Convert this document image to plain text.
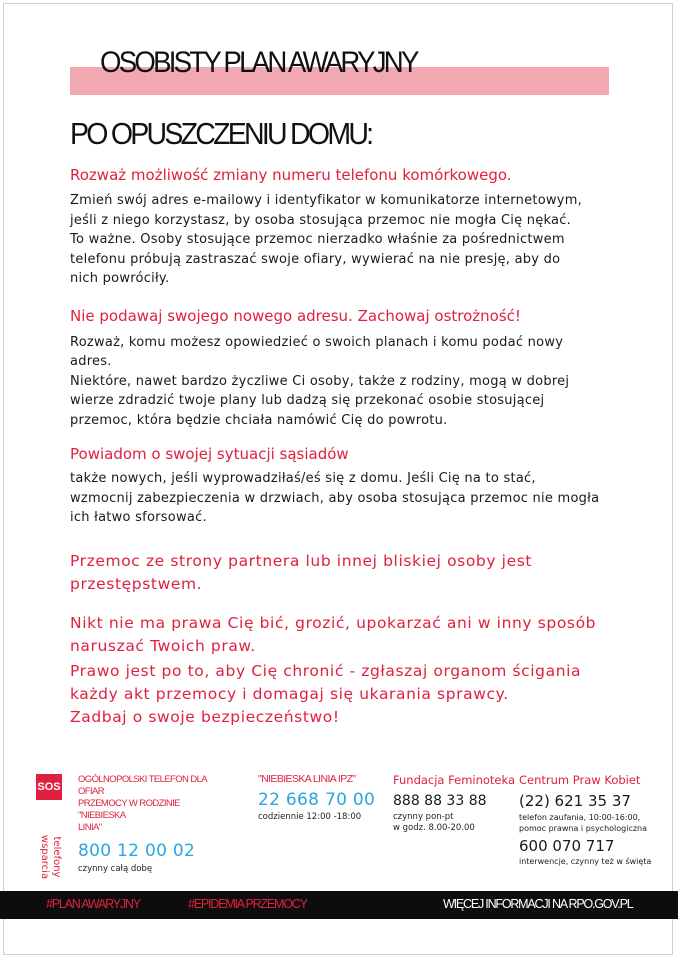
OSOBISTY PLAN AWARYJNY
PO OPUSZCZENIU DOMU:

Rozważ możliwość zmiany numeru telefonu komórkowego.

Zmień swój adres e-mailowy i identyfikator w komunikatorze internetowym,
jeśli z niego korzystasz, by osoba stosująca przemoc nie mogła Cię nękać.
To ważne. Osoby stosujące przemoc nierzadko właśnie za pośrednictwem
telefonu próbują zastraszać swoje ofiary, wywierać na nie presję, aby do
nich powróciły.

Nie podawaj swojego nowego adresu. Zachowaj ostrożność!

Rozważ, komu możesz opowiedzieć o swoich planach i komu podać nowy
adres.
Niektóre, nawet bardzo życzliwe Ci osoby, także z rodziny, mogą w dobrej
wierze zdradzić twoje plany lub dadzą się przekonać osobie stosującej
przemoc, która będzie chciała namówić Cię do powrotu.

Powiadom o swojej sytuacji sąsiadów

także nowych, jeśli wyprowadziłaś/eś się z domu. Jeśli Cię na to stać,
wzmocnij zabezpieczenia w drzwiach, aby osoba stosująca przemoc nie mogła
ich łatwo sforsować.

Przemoc ze strony partnera lub innej bliskiej osoby jest
przestępstwem.

Nikt nie ma prawa Cię bić, grozić, upokarzać ani w inny sposób
naruszać Twoich praw.

Prawo jest po to, aby Cię chronić - zgłaszaj organom ścigania
każdy akt przemocy i domagaj się ukarania sprawcy.
Zadbaj o swoje bezpieczeństwo!

SOS
telefony
wsparcia
OGÓLNOPOLSKI TELEFON DLA OFIAR
PRZEMOCY W RODZINIE "NIEBIESKA
LINIA"
800 12 00 02
czynny całą dobę
"NIEBIESKA LINIA IPZ"
22 668 70 00
codziennie 12:00 -18:00
Fundacja Feminoteka
888 88 33 88
czynny pon-pt
w godz. 8.00-20.00
Centrum Praw Kobiet
(22) 621 35 37
telefon zaufania, 10:00-16:00,
pomoc prawna i psychologiczna
600 070 717
interwencje, czynny też w święta
#PLAN AWARYJNY	#EPIDEMIA PRZEMOCY	WIĘCEJ INFORMACJI NA RPO.GOV.PL
